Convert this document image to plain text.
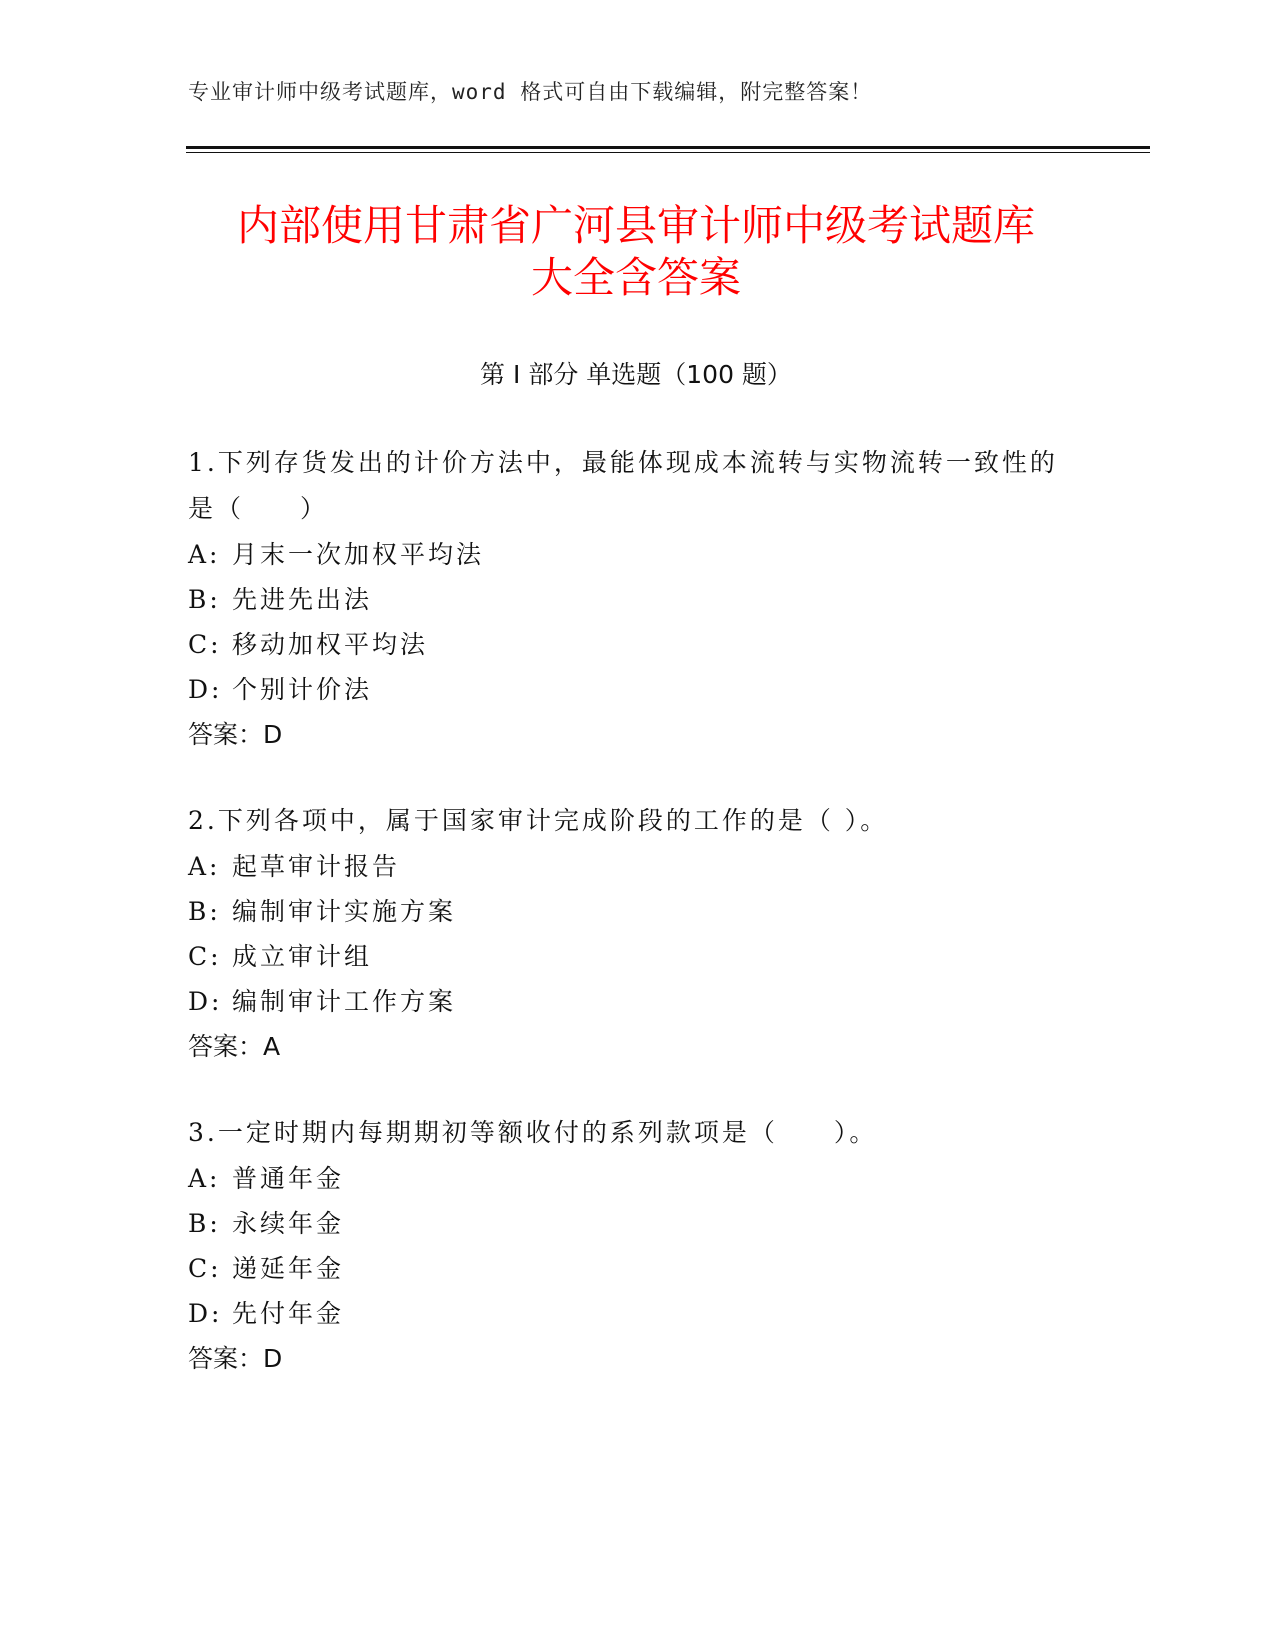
专业审计师中级考试题库，word 格式可自由下载编辑，附完整答案！
内部使用甘肃省广河县审计师中级考试题库
大全含答案
第 I 部分 单选题（100 题）
1.下列存货发出的计价方法中，最能体现成本流转与实物流转一致性的是（　　）
A: 月末一次加权平均法
B: 先进先出法
C: 移动加权平均法
D: 个别计价法
答案：D
2.下列各项中，属于国家审计完成阶段的工作的是（ ）。
A: 起草审计报告
B: 编制审计实施方案
C: 成立审计组
D: 编制审计工作方案
答案：A
3.一定时期内每期期初等额收付的系列款项是（　　）。
A: 普通年金
B: 永续年金
C: 递延年金
D: 先付年金
答案：D
